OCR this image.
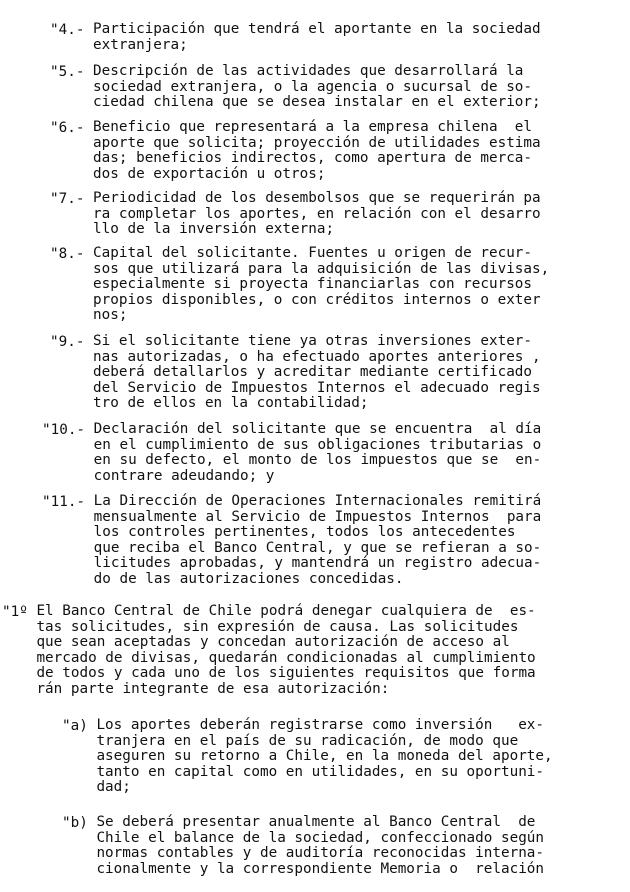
"4.- Participación que tendrá el aportante en la sociedad
extranjera;
"5.- Descripción de las actividades que desarrollará la
sociedad extranjera, o la agencia o sucursal de so-
ciedad chilena que se desea instalar en el exterior;
"6.- Beneficio que representará a la empresa chilena  el
aporte que solicita; proyección de utilidades estima
das; beneficios indirectos, como apertura de merca-
dos de exportación u otros;
"7.- Periodicidad de los desembolsos que se requerirán pa
ra completar los aportes, en relación con el desarro
llo de la inversión externa;
"8.- Capital del solicitante. Fuentes u origen de recur-
sos que utilizará para la adquisición de las divisas,
especialmente si proyecta financiarlas con recursos
propios disponibles, o con créditos internos o exter
nos;
"9.- Si el solicitante tiene ya otras inversiones exter-
nas autorizadas, o ha efectuado aportes anteriores ,
deberá detallarlos y acreditar mediante certificado
del Servicio de Impuestos Internos el adecuado regis
tro de ellos en la contabilidad;
"10.- Declaración del solicitante que se encuentra  al día
en el cumplimiento de sus obligaciones tributarias o
en su defecto, el monto de los impuestos que se  en-
contrare adeudando; y
"11.- La Dirección de Operaciones Internacionales remitirá
mensualmente al Servicio de Impuestos Internos  para
los controles pertinentes, todos los antecedentes
que reciba el Banco Central, y que se refieran a so-
licitudes aprobadas, y mantendrá un registro adecua-
do de las autorizaciones concedidas.
"1º El Banco Central de Chile podrá denegar cualquiera de  es-
tas solicitudes, sin expresión de causa. Las solicitudes
que sean aceptadas y concedan autorización de acceso al
mercado de divisas, quedarán condicionadas al cumplimiento
de todos y cada uno de los siguientes requisitos que forma
rán parte integrante de esa autorización:
"a) Los aportes deberán registrarse como inversión   ex-
tranjera en el país de su radicación, de modo que
aseguren su retorno a Chile, en la moneda del aporte,
tanto en capital como en utilidades, en su oportuni-
dad;
"b) Se deberá presentar anualmente al Banco Central  de
Chile el balance de la sociedad, confeccionado según
normas contables y de auditoría reconocidas interna-
cionalmente y la correspondiente Memoria o  relación
